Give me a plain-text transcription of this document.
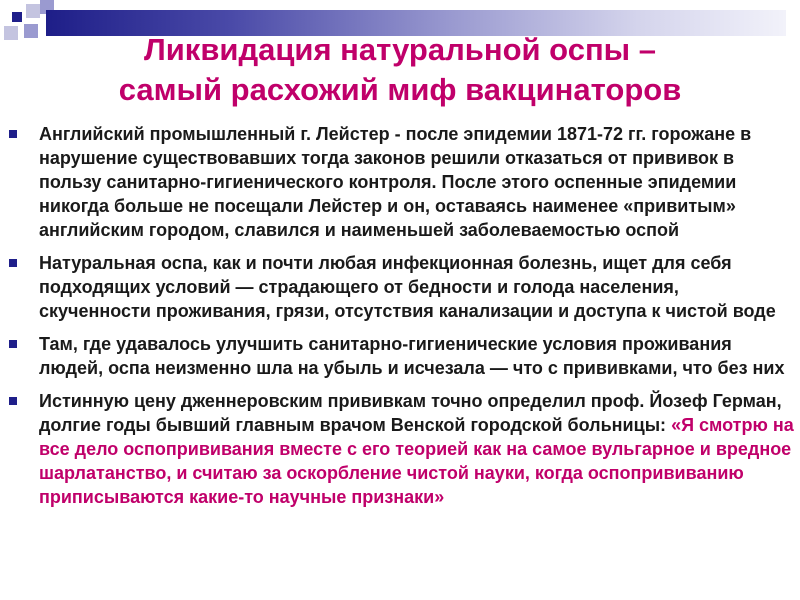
Ликвидация натуральной оспы –
самый расхожий миф вакцинаторов
Английский промышленный г. Лейстер - после эпидемии 1871-72 гг. горожане в нарушение существовавших тогда законов решили отказаться от прививок в пользу санитарно-гигиенического контроля. После этого оспенные эпидемии никогда больше не посещали Лейстер и он, оставаясь наименее «привитым» английским городом, славился и наименьшей заболеваемостью оспой
Натуральная оспа, как и почти любая инфекционная болезнь, ищет для себя подходящих условий — страдающего от бедности и голода населения, скученности проживания, грязи, отсутствия канализации и доступа к чистой воде
Там, где удавалось улучшить санитарно-гигиенические условия проживания людей, оспа неизменно шла на убыль и исчезала — что с прививками, что без них
Истинную цену дженнеровским прививкам точно определил проф. Йозеф Герман, долгие годы бывший главным врачом Венской городской больницы: «Я смотрю на все дело оспопрививания вместе с его теорией как на самое вульгарное и вредное шарлатанство, и считаю за оскорбление чистой науки, когда оспопрививанию приписываются какие-то научные признаки»
